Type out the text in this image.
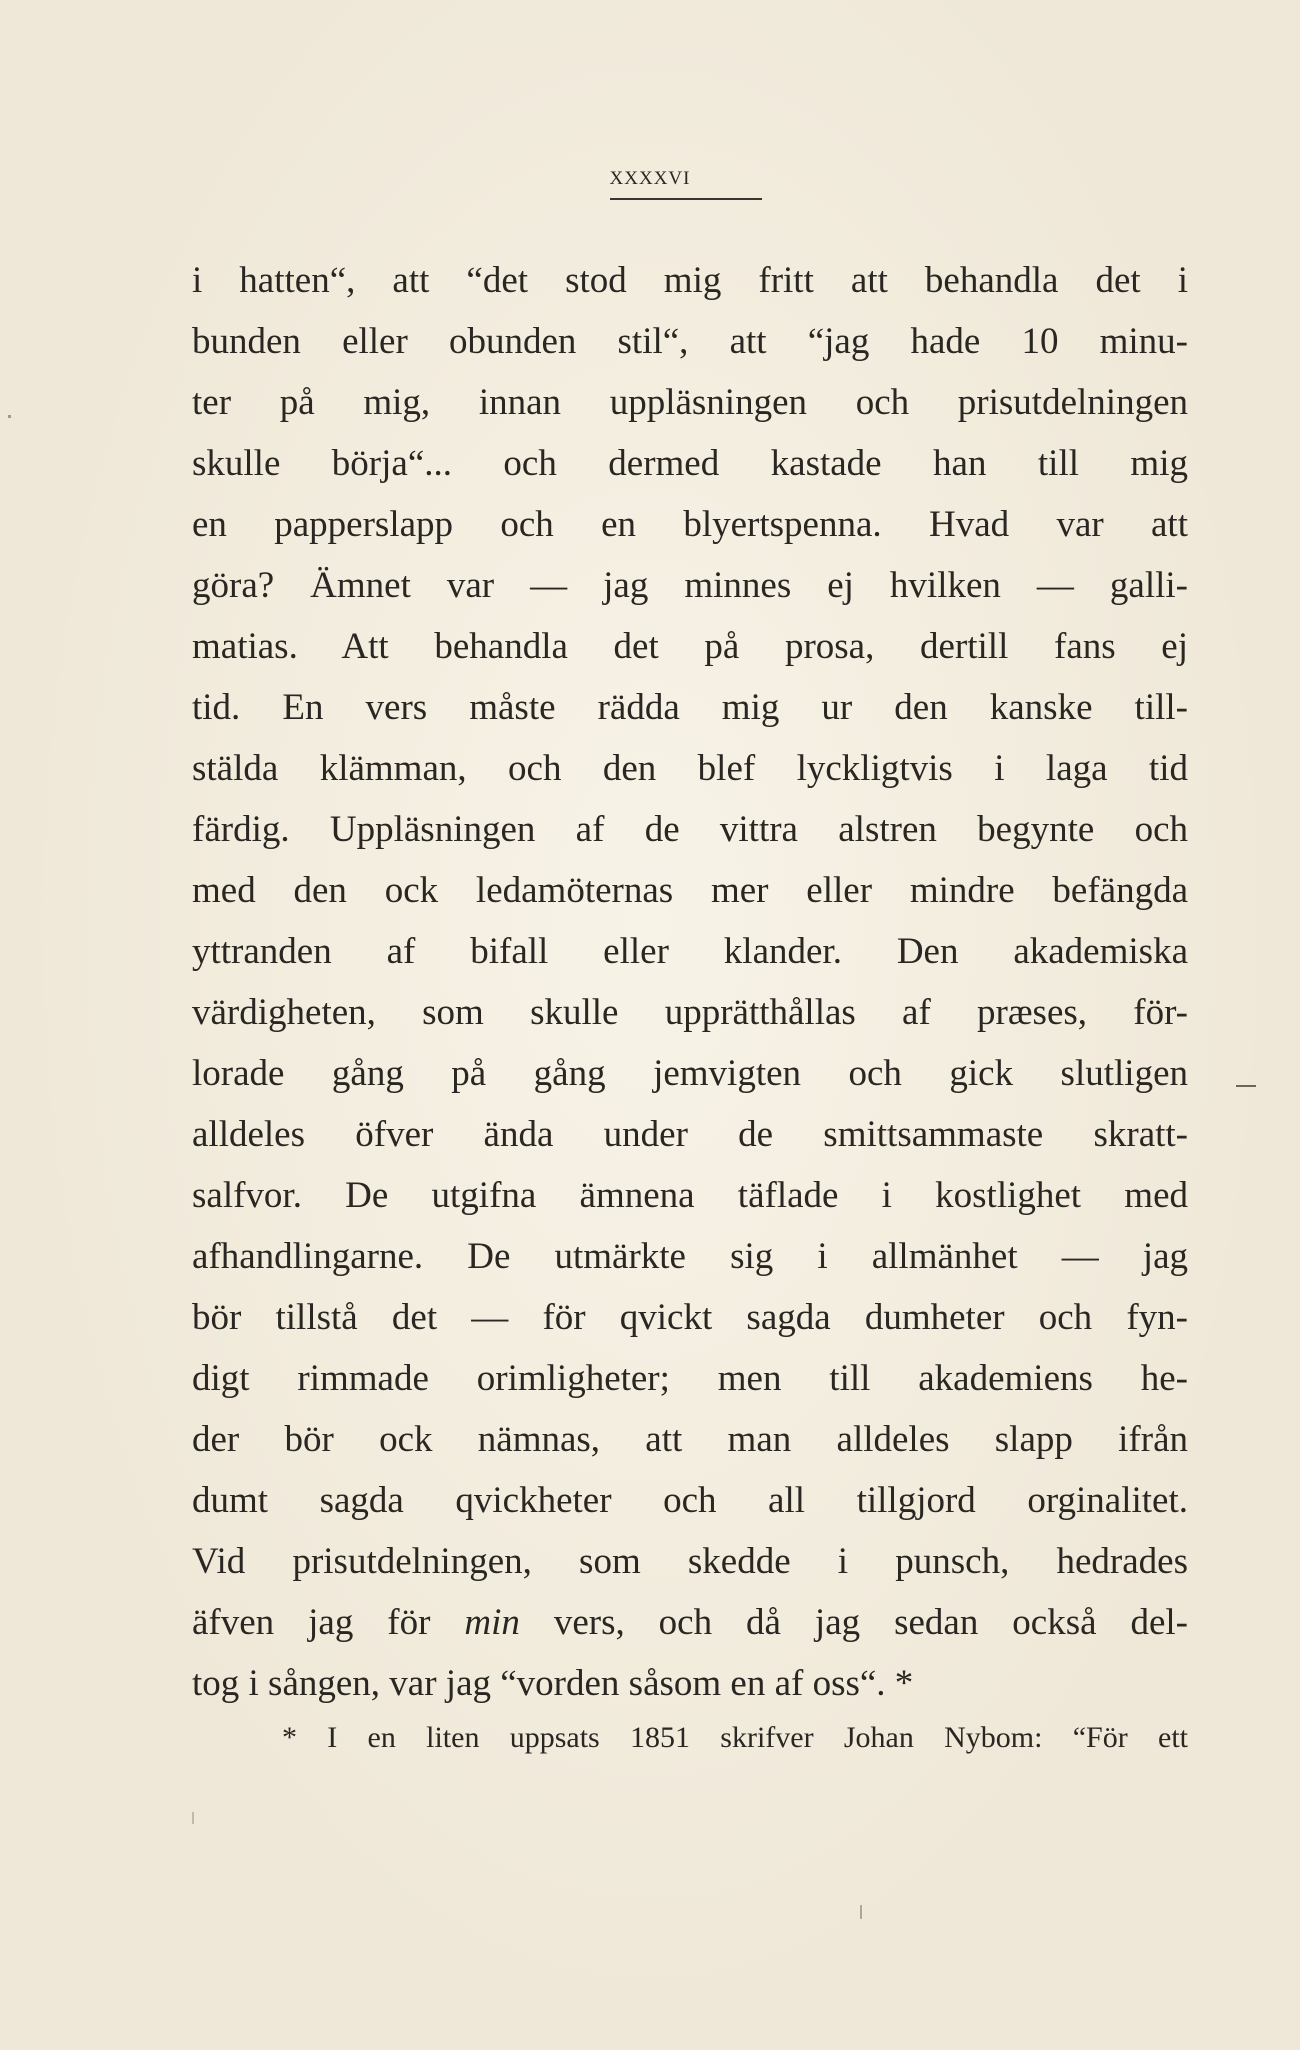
xxxxvi
i hatten“, att “det stod mig fritt att behandla det i
bunden eller obunden stil“, att “jag hade 10 minu-
ter på mig, innan uppläsningen och prisutdelningen
skulle börja“... och dermed kastade han till mig
en papperslapp och en blyertspenna. Hvad var att
göra? Ämnet var — jag minnes ej hvilken — galli-
matias. Att behandla det på prosa, dertill fans ej
tid. En vers måste rädda mig ur den kanske till-
stälda klämman, och den blef lyckligtvis i laga tid
färdig. Uppläsningen af de vittra alstren begynte och
med den ock ledamöternas mer eller mindre befängda
yttranden af bifall eller klander. Den akademiska
värdigheten, som skulle upprätthållas af præses, för-
lorade gång på gång jemvigten och gick slutligen
alldeles öfver ända under de smittsammaste skratt-
salfvor. De utgifna ämnena täflade i kostlighet med
afhandlingarne. De utmärkte sig i allmänhet — jag
bör tillstå det — för qvickt sagda dumheter och fyn-
digt rimmade orimligheter; men till akademiens he-
der bör ock nämnas, att man alldeles slapp ifrån
dumt sagda qvickheter och all tillgjord orginalitet.
Vid prisutdelningen, som skedde i punsch, hedrades
äfven jag för min vers, och då jag sedan också del-
tog i sången, var jag “vorden såsom en af oss“. *
* I en liten uppsats 1851 skrifver Johan Nybom: “För ett
